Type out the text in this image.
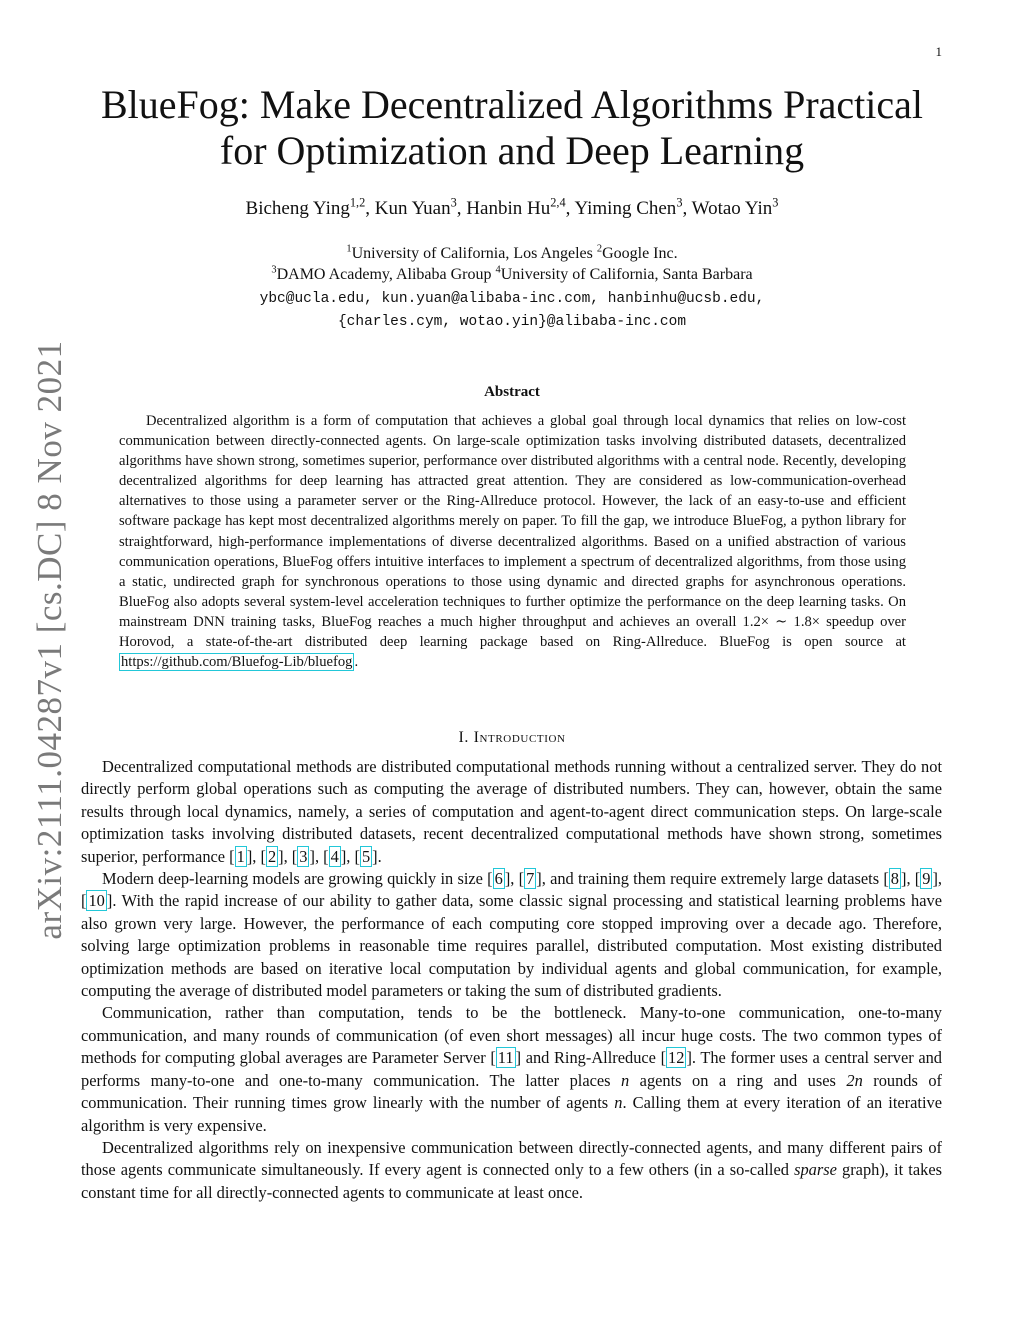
1
arXiv:2111.04287v1 [cs.DC] 8 Nov 2021
BlueFog: Make Decentralized Algorithms Practical
for Optimization and Deep Learning
Bicheng Ying$^{1,2}$, Kun Yuan$^3$, Hanbin Hu$^{2,4}$, Yiming Chen$^3$, Wotao Yin$^3$
$^1$University of California, Los Angeles $^2$Google Inc.
$^3$DAMO Academy, Alibaba Group $^4$University of California, Santa Barbara
ybc@ucla.edu, kun.yuan@alibaba-inc.com, hanbinhu@ucsb.edu,
{charles.cym, wotao.yin}@alibaba-inc.com
Abstract

Decentralized algorithm is a form of computation that achieves a global goal through local dynamics that relies on low-cost communication between directly-connected agents. On large-scale optimization tasks involving distributed datasets, decentralized algorithms have shown strong, sometimes superior, performance over distributed algorithms with a central node. Recently, developing decentralized algorithms for deep learning has attracted great attention. They are considered as low-communication-overhead alternatives to those using a parameter server or the Ring-Allreduce protocol. However, the lack of an easy-to-use and efficient software package has kept most decentralized algorithms merely on paper. To fill the gap, we introduce BlueFog, a python library for straightforward, high-performance implementations of diverse decentralized algorithms. Based on a unified abstraction of various communication operations, BlueFog offers intuitive interfaces to implement a spectrum of decentralized algorithms, from those using a static, undirected graph for synchronous operations to those using dynamic and directed graphs for asynchronous operations. BlueFog also adopts several system-level acceleration techniques to further optimize the performance on the deep learning tasks. On mainstream DNN training tasks, BlueFog reaches a much higher throughput and achieves an overall 1.2× ∼ 1.8× speedup over Horovod, a state-of-the-art distributed deep learning package based on Ring-Allreduce. BlueFog is open source at https://github.com/Bluefog-Lib/bluefog .

I. Introduction

Decentralized computational methods are distributed computational methods running without a centralized server. They do not directly perform global operations such as computing the average of distributed numbers. They can, however, obtain the same results through local dynamics, namely, a series of computation and agent-to-agent direct communication steps. On large-scale optimization tasks involving distributed datasets, recent decentralized computational methods have shown strong, sometimes superior, performance [ 1 ], [ 2 ], [ 3 ], [ 4 ], [ 5 ].

Modern deep-learning models are growing quickly in size [ 6 ], [ 7 ], and training them require extremely large datasets [ 8 ], [ 9 ], [ 10 ]. With the rapid increase of our ability to gather data, some classic signal processing and statistical learning problems have also grown very large. However, the performance of each computing core stopped improving over a decade ago. Therefore, solving large optimization problems in reasonable time requires parallel, distributed computation. Most existing distributed optimization methods are based on iterative local computation by individual agents and global communication, for example, computing the average of distributed model parameters or taking the sum of distributed gradients.

Communication, rather than computation, tends to be the bottleneck. Many-to-one communication, one-to-many communication, and many rounds of communication (of even short messages) all incur huge costs. The two common types of methods for computing global averages are Parameter Server [ 11 ] and Ring-Allreduce [ 12 ]. The former uses a central server and performs many-to-one and one-to-many communication. The latter places n agents on a ring and uses 2n rounds of communication. Their running times grow linearly with the number of agents n. Calling them at every iteration of an iterative algorithm is very expensive.

Decentralized algorithms rely on inexpensive communication between directly-connected agents, and many different pairs of those agents communicate simultaneously. If every agent is connected only to a few others (in a so-called sparse graph), it takes constant time for all directly-connected agents to communicate at least once.
